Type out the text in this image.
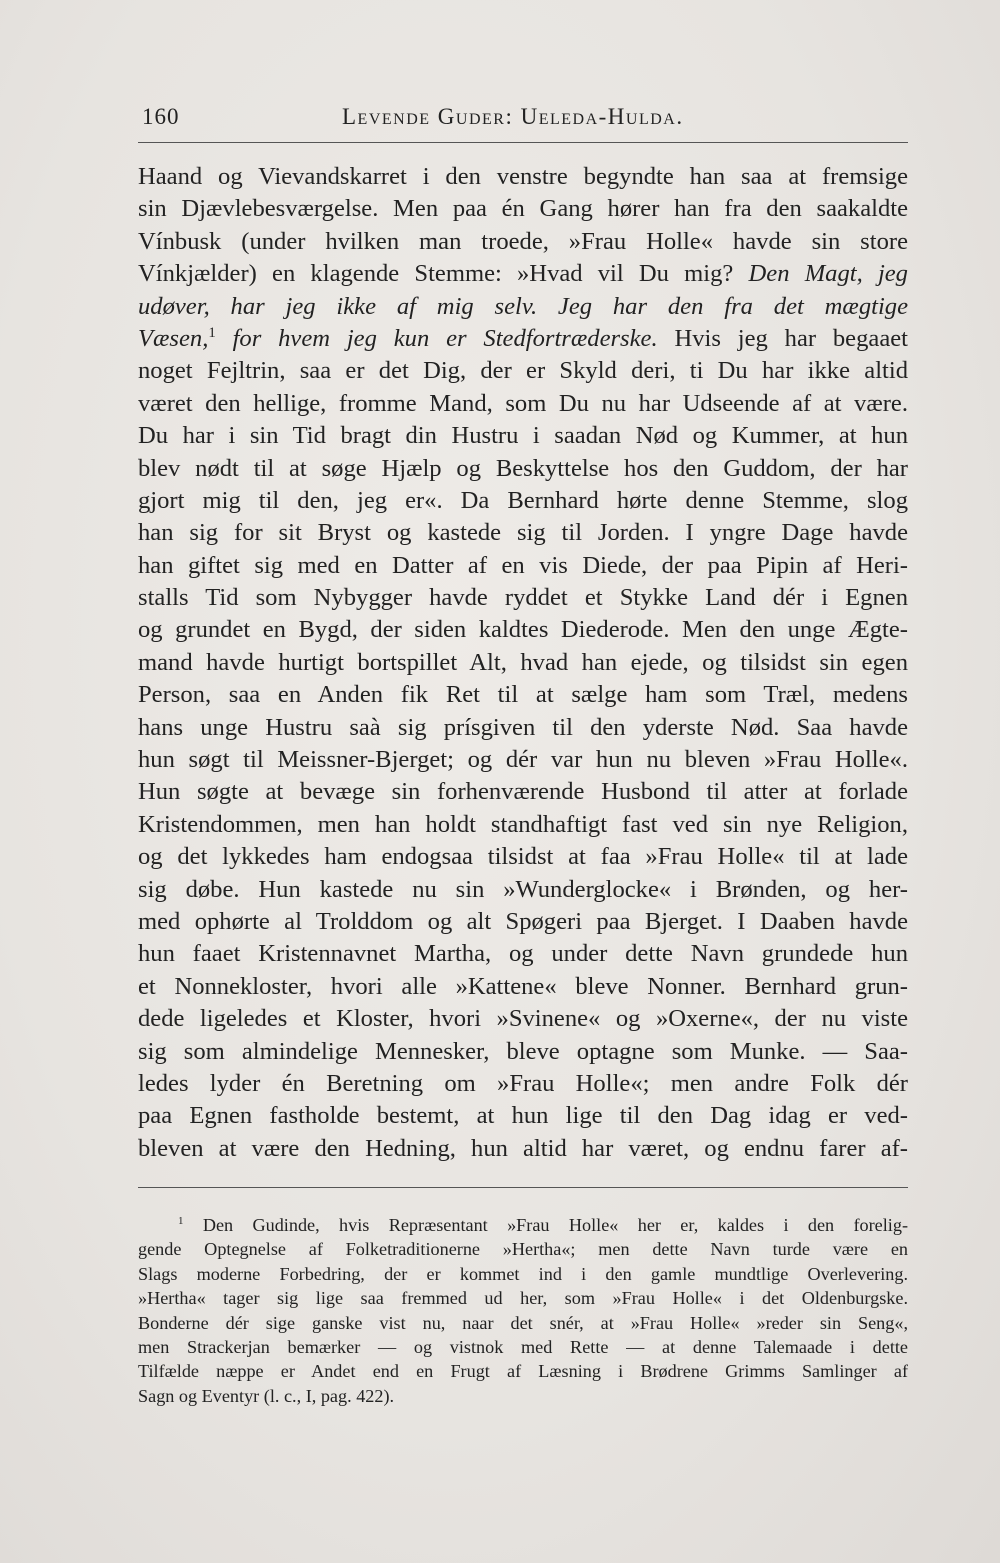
160	Levende Guder: Ueleda-Hulda.
Haand og Vievandskarret i den venstre begyndte han saa at fremsige
sin Djævlebesværgelse. Men paa én Gang hører han fra den saakaldte
Vínbusk (under hvilken man troede, »Frau Holle« havde sin store
Vínkjælder) en klagende Stemme: »Hvad vil Du mig? Den Magt, jeg
udøver, har jeg ikke af mig selv. Jeg har den fra det mægtige
Væsen,$^1$ for hvem jeg kun er Stedfortræderske. Hvis jeg har begaaet
noget Fejltrin, saa er det Dig, der er Skyld deri, ti Du har ikke altid
været den hellige, fromme Mand, som Du nu har Udseende af at være.
Du har i sin Tid bragt din Hustru i saadan Nød og Kummer, at hun
blev nødt til at søge Hjælp og Beskyttelse hos den Guddom, der har
gjort mig til den, jeg er«. Da Bernhard hørte denne Stemme, slog
han sig for sit Bryst og kastede sig til Jorden. I yngre Dage havde
han giftet sig med en Datter af en vis Diede, der paa Pipin af Heri-
stalls Tid som Nybygger havde ryddet et Stykke Land dér i Egnen
og grundet en Bygd, der siden kaldtes Diederode. Men den unge Ægte-
mand havde hurtigt bortspillet Alt, hvad han ejede, og tilsidst sin egen
Person, saa en Anden fik Ret til at sælge ham som Træl, medens
hans unge Hustru saà sig prísgiven til den yderste Nød. Saa havde
hun søgt til Meissner-Bjerget; og dér var hun nu bleven »Frau Holle«.
Hun søgte at bevæge sin forhenværende Husbond til atter at forlade
Kristendommen, men han holdt standhaftigt fast ved sin nye Religion,
og det lykkedes ham endogsaa tilsidst at faa »Frau Holle« til at lade
sig døbe. Hun kastede nu sin »Wunderglocke« i Brønden, og her-
med ophørte al Trolddom og alt Spøgeri paa Bjerget. I Daaben havde
hun faaet Kristennavnet Martha, og under dette Navn grundede hun
et Nonnekloster, hvori alle »Kattene« bleve Nonner. Bernhard grun-
dede ligeledes et Kloster, hvori »Svinene« og »Oxerne«, der nu viste
sig som almindelige Mennesker, bleve optagne som Munke. — Saa-
ledes lyder én Beretning om »Frau Holle«; men andre Folk dér
paa Egnen fastholde bestemt, at hun lige til den Dag idag er ved-
bleven at være den Hedning, hun altid har været, og endnu farer af-
$^1$ Den Gudinde, hvis Repræsentant »Frau Holle« her er, kaldes i den forelig-
gende Optegnelse af Folketraditionerne »Hertha«; men dette Navn turde være en
Slags moderne Forbedring, der er kommet ind i den gamle mundtlige Overlevering.
»Hertha« tager sig lige saa fremmed ud her, som »Frau Holle« i det Oldenburgske.
Bonderne dér sige ganske vist nu, naar det snér, at »Frau Holle« »reder sin Seng«,
men Strackerjan bemærker — og vistnok med Rette — at denne Talemaade i dette
Tilfælde næppe er Andet end en Frugt af Læsning i Brødrene Grimms Samlinger af
Sagn og Eventyr (l. c., I, pag. 422).
